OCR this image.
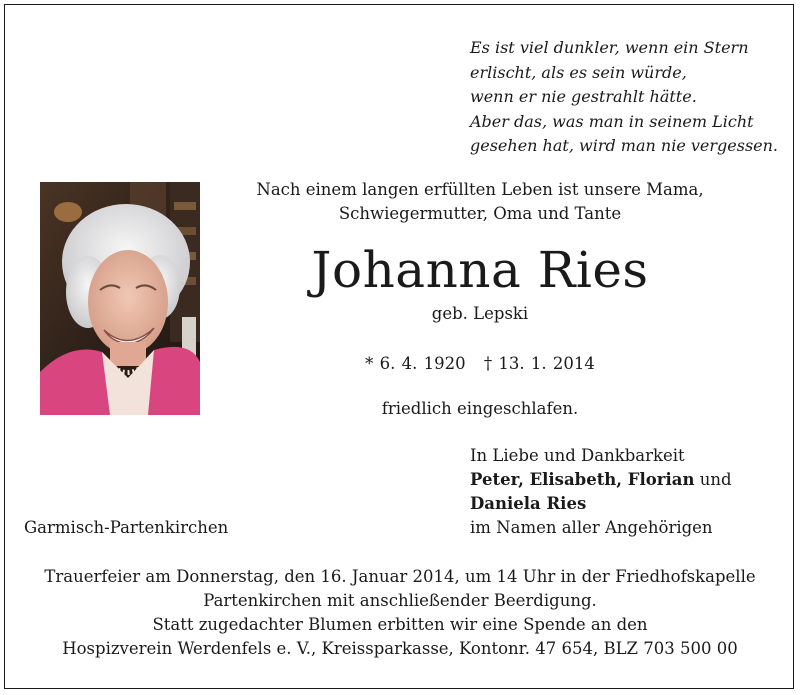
Es ist viel dunkler, wenn ein Stern
erlischt, als es sein würde,
wenn er nie gestrahlt hätte.
Aber das, was man in seinem Licht
gesehen hat, wird man nie vergessen.
Nach einem langen erfüllten Leben ist unsere Mama,
Schwiegermutter, Oma und Tante
Johanna Ries
geb. Lepski
* 6. 4. 1920 † 13. 1. 2014
friedlich eingeschlafen.
In Liebe und Dankbarkeit
Peter, Elisabeth, Florian und
Daniela Ries
im Namen aller Angehörigen
Garmisch-Partenkirchen
Trauerfeier am Donnerstag, den 16. Januar 2014, um 14 Uhr in der Friedhofskapelle
Partenkirchen mit anschließender Beerdigung.
Statt zugedachter Blumen erbitten wir eine Spende an den
Hospizverein Werdenfels e. V., Kreissparkasse, Kontonr. 47 654, BLZ 703 500 00
